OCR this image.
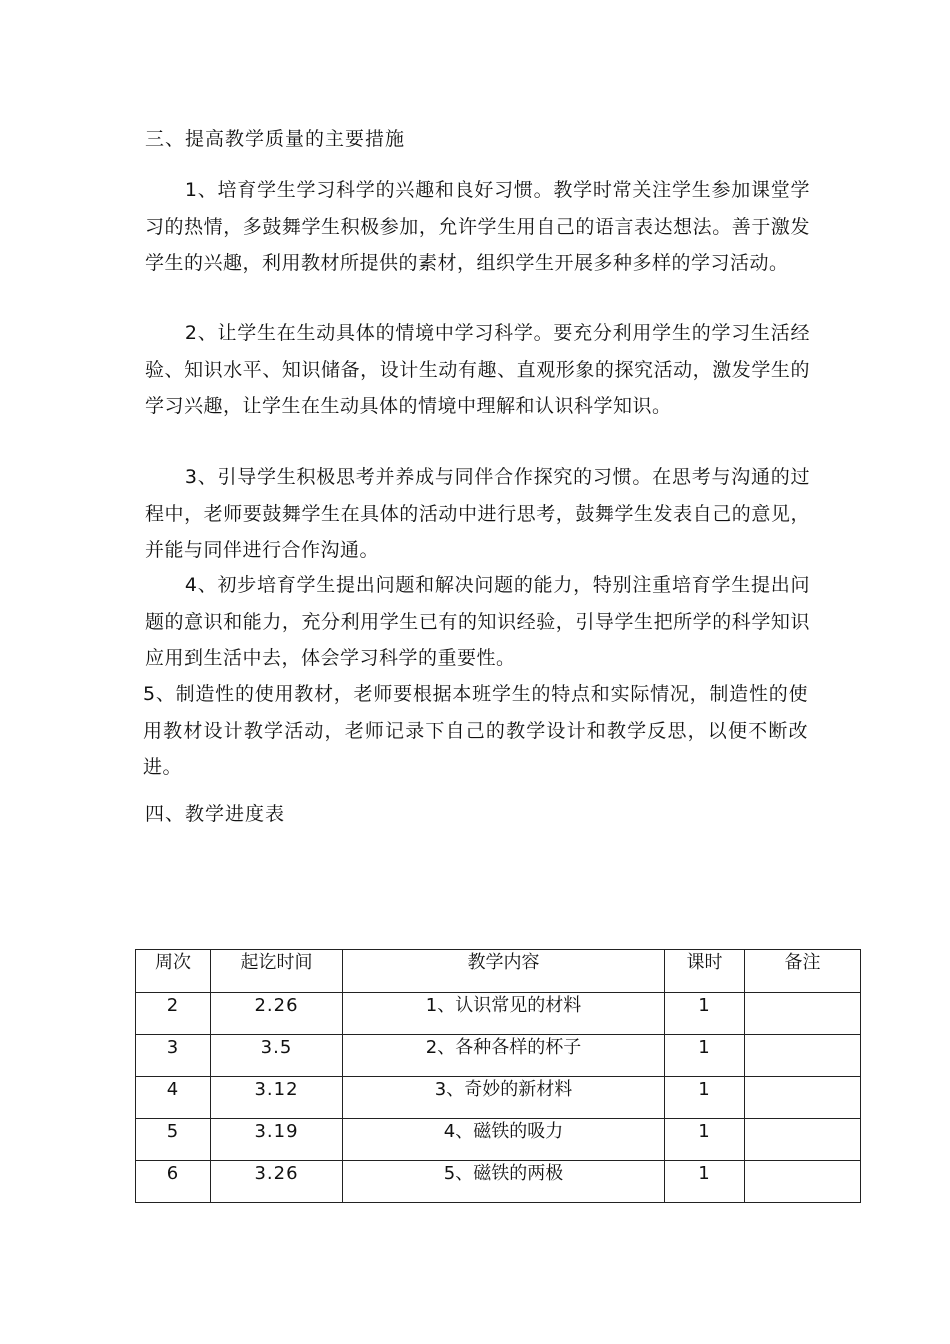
三、提高教学质量的主要措施

1、培育学生学习科学的兴趣和良好习惯。教学时常关注学生参加课堂学习的热情，多鼓舞学生积极参加，允许学生用自己的语言表达想法。善于激发学生的兴趣，利用教材所提供的素材，组织学生开展多种多样的学习活动。

2、让学生在生动具体的情境中学习科学。要充分利用学生的学习生活经验、知识水平、知识储备，设计生动有趣、直观形象的探究活动，激发学生的学习兴趣，让学生在生动具体的情境中理解和认识科学知识。

3、引导学生积极思考并养成与同伴合作探究的习惯。在思考与沟通的过程中，老师要鼓舞学生在具体的活动中进行思考，鼓舞学生发表自己的意见，并能与同伴进行合作沟通。

4、初步培育学生提出问题和解决问题的能力，特别注重培育学生提出问题的意识和能力，充分利用学生已有的知识经验，引导学生把所学的科学知识应用到生活中去，体会学习科学的重要性。

5、制造性的使用教材，老师要根据本班学生的特点和实际情况，制造性的使用教材设计教学活动，老师记录下自己的教学设计和教学反思，以便不断改进。

四、教学进度表
周次	起讫时间	教学内容	课时	备注
2	2.26	1、认识常见的材料	1	
3	3.5	2、各种各样的杯子	1	
4	3.12	3、奇妙的新材料	1	
5	3.19	4、磁铁的吸力	1	
6	3.26	5、磁铁的两极	1	
